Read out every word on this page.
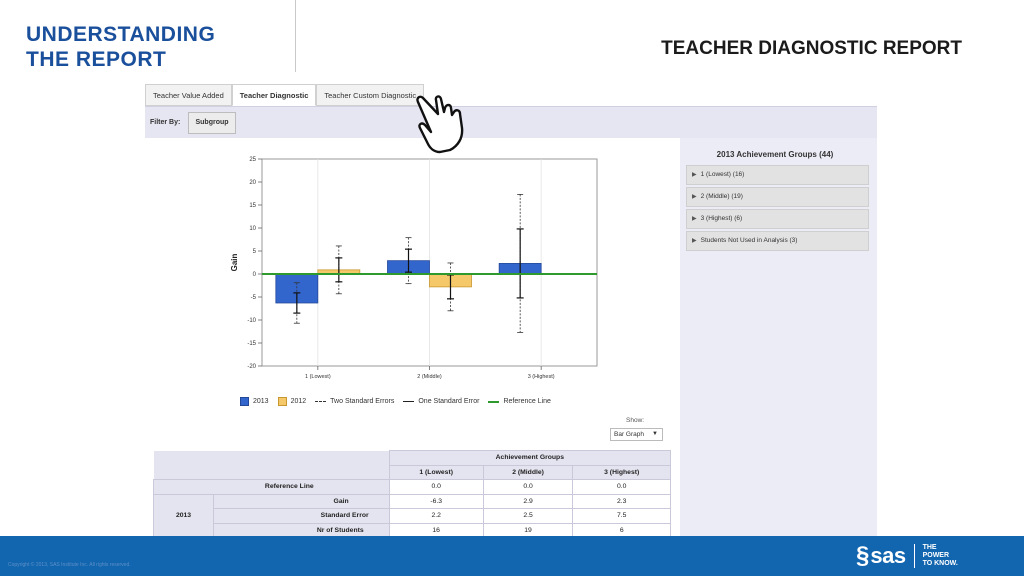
UNDERSTANDING
THE REPORT	TEACHER DIAGNOSTIC REPORT
Teacher Value Added	Teacher Diagnostic	Teacher Custom Diagnostic
Filter By:	Subgroup
25
20
15
10
5
0
-5
-10
-15
-20
1 (Lowest)	2 (Middle)	3 (Highest)
Gain
2013	2012	Two Standard Errors	One Standard Error	Reference Line
Show:
Bar Graph ▼
		Achievement Groups		
		1 (Lowest)	2 (Middle)	3 (Highest)
Reference Line		0.0	0.0	0.0
2013	Gain	-6.3	2.9	2.3
	Standard Error	2.2	2.5	7.5
	Nr of Students	16	19	6
2013 Achievement Groups (44)
▶ 1 (Lowest) (16)
▶ 2 (Middle) (19)
▶ 3 (Highest) (6)
▶ Students Not Used in Analysis (3)
Copyright © 2013, SAS Institute Inc. All rights reserved.	§ sas THE
POWER
TO KNOW.
